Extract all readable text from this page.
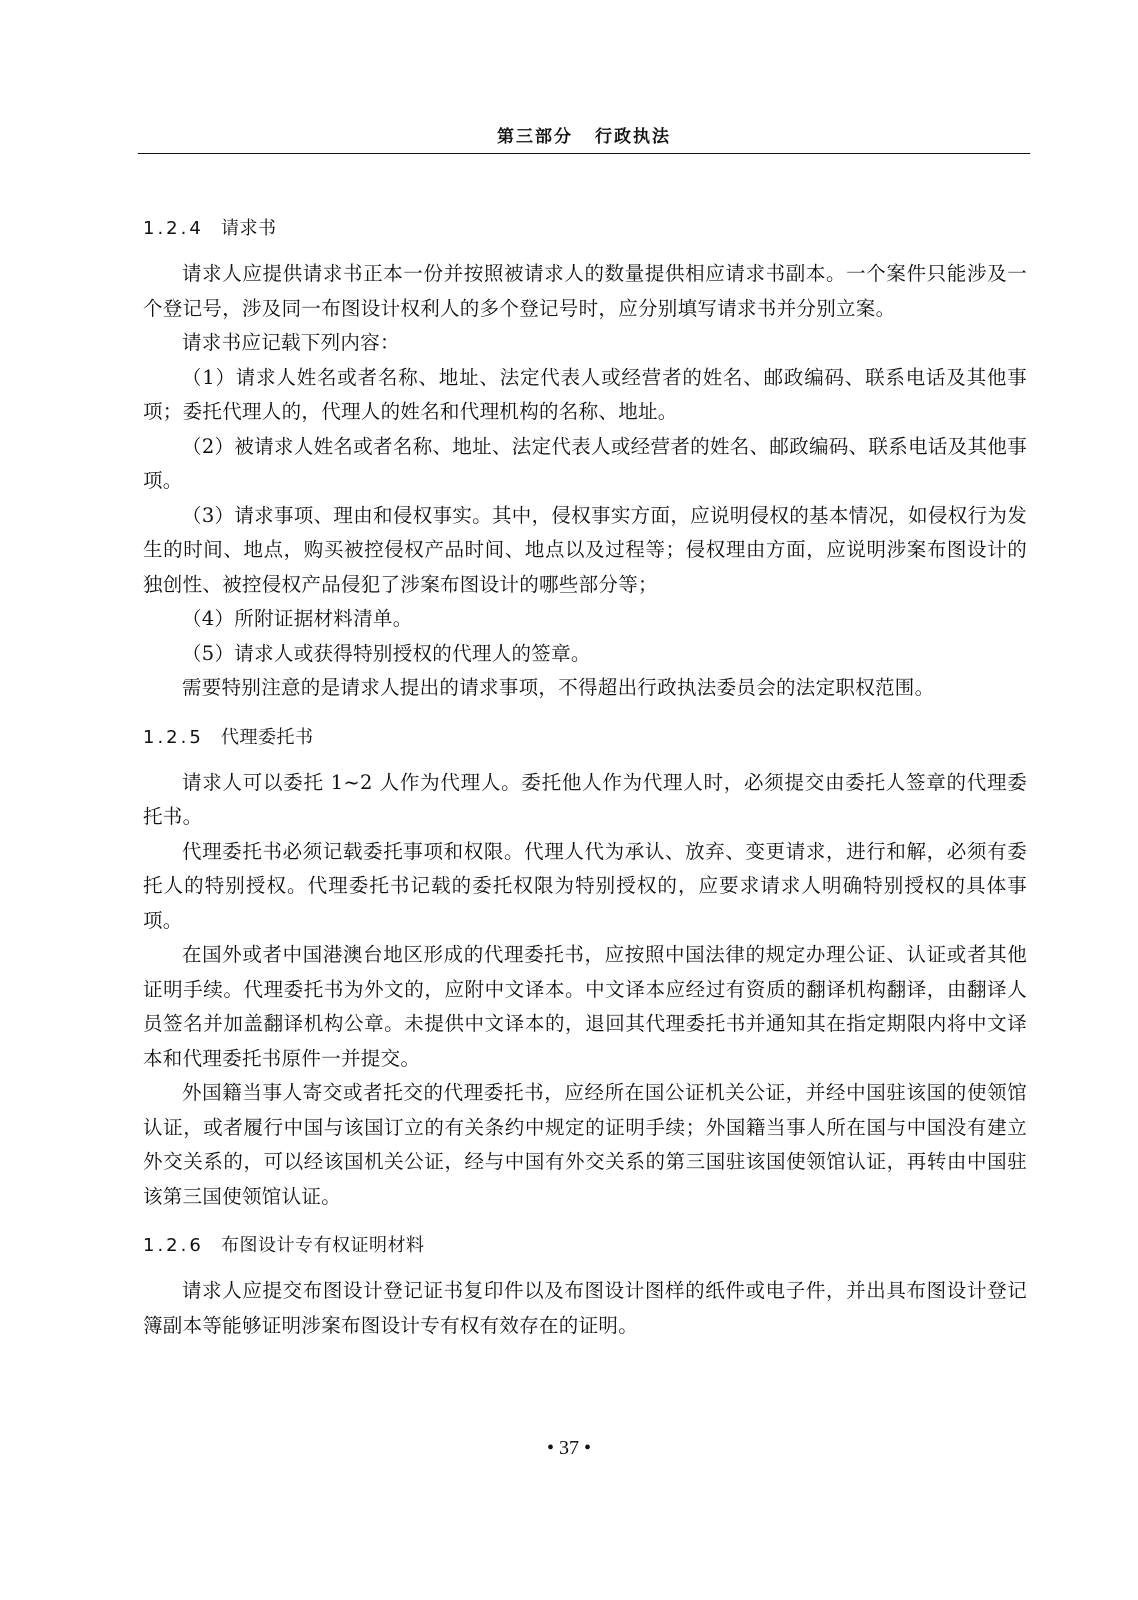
第三部分 行政执法
1.2.4 请求书

请求人应提供请求书正本一份并按照被请求人的数量提供相应请求书副本。一个案件只能涉及一个登记号，涉及同一布图设计权利人的多个登记号时，应分别填写请求书并分别立案。

请求书应记载下列内容：

（1）请求人姓名或者名称、地址、法定代表人或经营者的姓名、邮政编码、联系电话及其他事项；委托代理人的，代理人的姓名和代理机构的名称、地址。

（2）被请求人姓名或者名称、地址、法定代表人或经营者的姓名、邮政编码、联系电话及其他事项。

（3）请求事项、理由和侵权事实。其中，侵权事实方面，应说明侵权的基本情况，如侵权行为发生的时间、地点，购买被控侵权产品时间、地点以及过程等；侵权理由方面，应说明涉案布图设计的独创性、被控侵权产品侵犯了涉案布图设计的哪些部分等；

（4）所附证据材料清单。

（5）请求人或获得特别授权的代理人的签章。

需要特别注意的是请求人提出的请求事项，不得超出行政执法委员会的法定职权范围。

1.2.5 代理委托书

请求人可以委托 1~2 人作为代理人。委托他人作为代理人时，必须提交由委托人签章的代理委托书。

代理委托书必须记载委托事项和权限。代理人代为承认、放弃、变更请求，进行和解，必须有委托人的特别授权。代理委托书记载的委托权限为特别授权的，应要求请求人明确特别授权的具体事项。

在国外或者中国港澳台地区形成的代理委托书，应按照中国法律的规定办理公证、认证或者其他证明手续。代理委托书为外文的，应附中文译本。中文译本应经过有资质的翻译机构翻译，由翻译人员签名并加盖翻译机构公章。未提供中文译本的，退回其代理委托书并通知其在指定期限内将中文译本和代理委托书原件一并提交。

外国籍当事人寄交或者托交的代理委托书，应经所在国公证机关公证，并经中国驻该国的使领馆认证，或者履行中国与该国订立的有关条约中规定的证明手续；外国籍当事人所在国与中国没有建立外交关系的，可以经该国机关公证，经与中国有外交关系的第三国驻该国使领馆认证，再转由中国驻该第三国使领馆认证。

1.2.6 布图设计专有权证明材料

请求人应提交布图设计登记证书复印件以及布图设计图样的纸件或电子件，并出具布图设计登记簿副本等能够证明涉案布图设计专有权有效存在的证明。

• 37 •
